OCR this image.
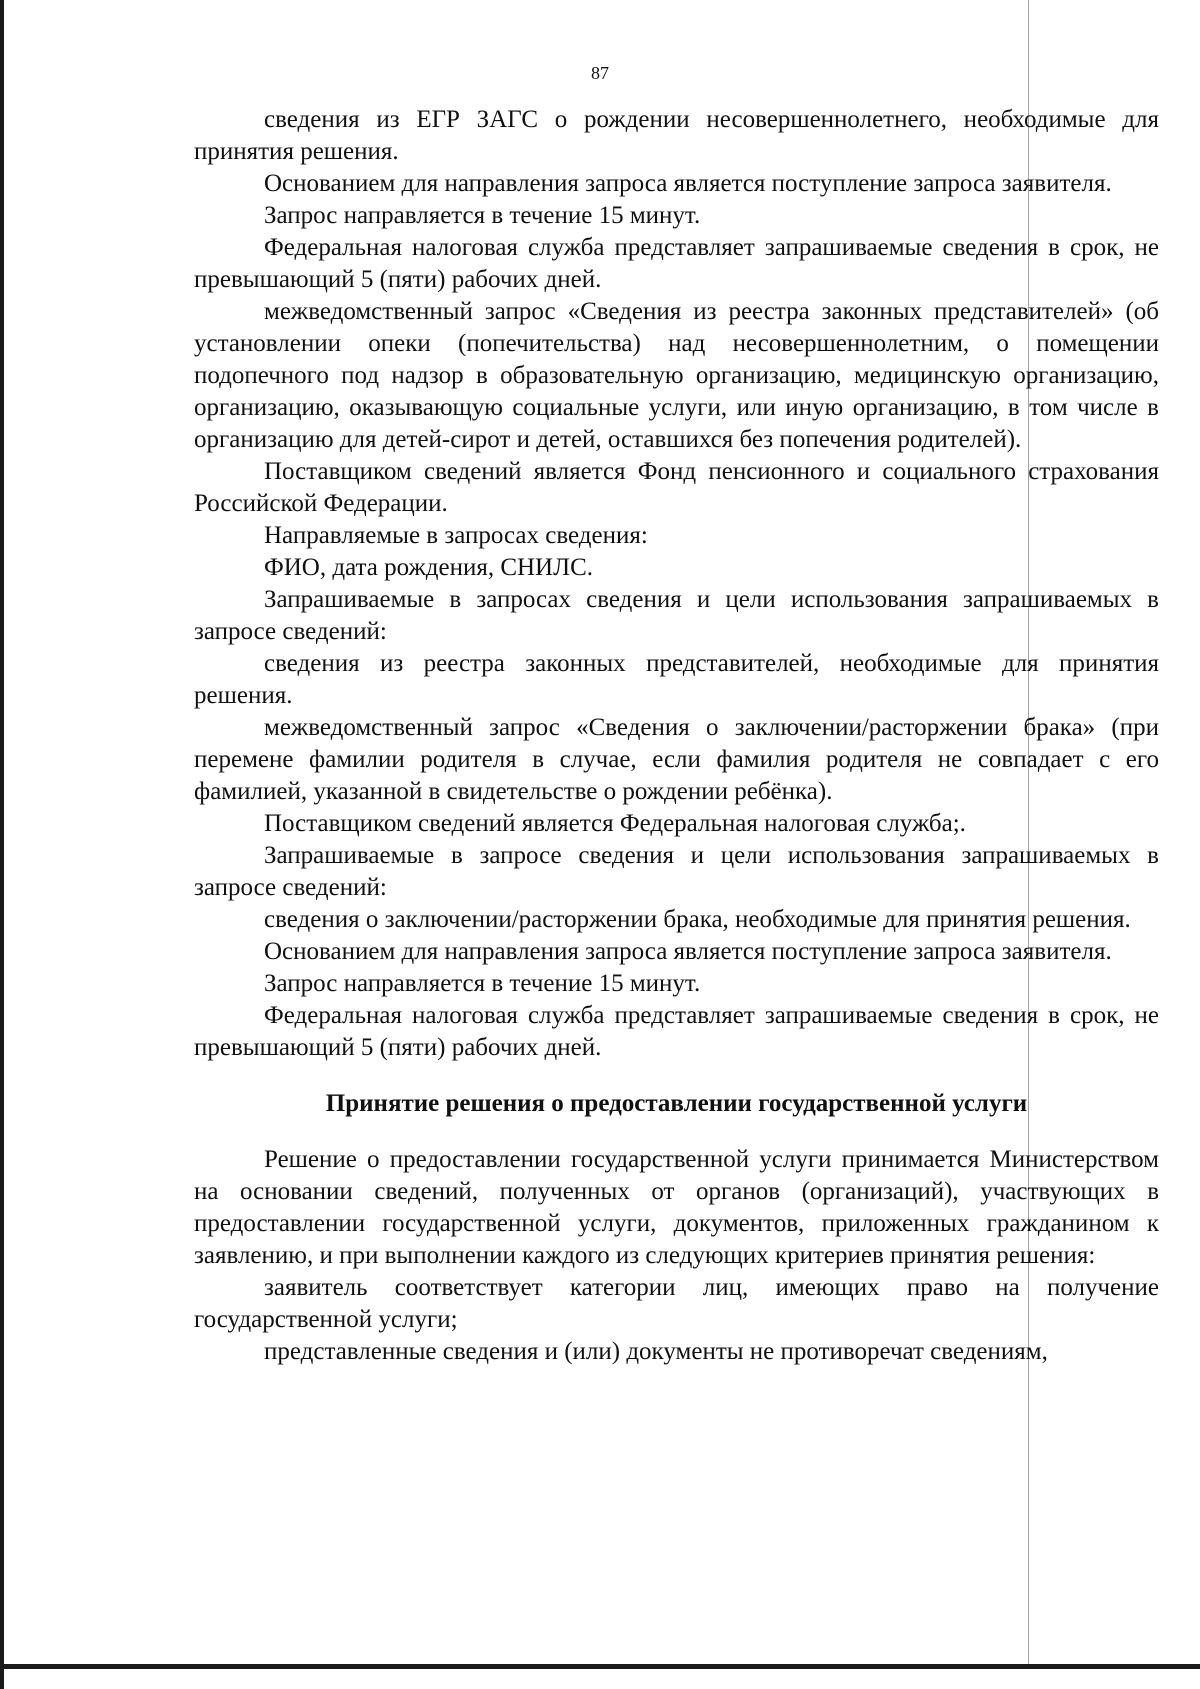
87

сведения из ЕГР ЗАГС о рождении несовершеннолетнего, необходимые для принятия решения.

Основанием для направления запроса является поступление запроса заявителя.

Запрос направляется в течение 15 минут.

Федеральная налоговая служба представляет запрашиваемые сведения в срок, не превышающий 5 (пяти) рабочих дней.

межведомственный запрос «Сведения из реестра законных представителей» (об установлении опеки (попечительства) над несовершеннолетним, о помещении подопечного под надзор в образовательную организацию, медицинскую организацию, организацию, оказывающую социальные услуги, или иную организацию, в том числе в организацию для детей-сирот и детей, оставшихся без попечения родителей).

Поставщиком сведений является Фонд пенсионного и социального страхования Российской Федерации.

Направляемые в запросах сведения:

ФИО, дата рождения, СНИЛС.

Запрашиваемые в запросах сведения и цели использования запрашиваемых в запросе сведений:

сведения из реестра законных представителей, необходимые для принятия решения.

межведомственный запрос «Сведения о заключении/расторжении брака» (при перемене фамилии родителя в случае, если фамилия родителя не совпадает с его фамилией, указанной в свидетельстве о рождении ребёнка).

Поставщиком сведений является Федеральная налоговая служба;.

Запрашиваемые в запросе сведения и цели использования запрашиваемых в запросе сведений:

сведения о заключении/расторжении брака, необходимые для принятия решения.

Основанием для направления запроса является поступление запроса заявителя.

Запрос направляется в течение 15 минут.

Федеральная налоговая служба представляет запрашиваемые сведения в срок, не превышающий 5 (пяти) рабочих дней.

Принятие решения о предоставлении государственной услуги

Решение о предоставлении государственной услуги принимается Министерством на основании сведений, полученных от органов (организаций), участвующих в предоставлении государственной услуги, документов, приложенных гражданином к заявлению, и при выполнении каждого из следующих критериев принятия решения:

заявитель соответствует категории лиц, имеющих право на получение государственной услуги;

представленные сведения и (или) документы не противоречат сведениям,
